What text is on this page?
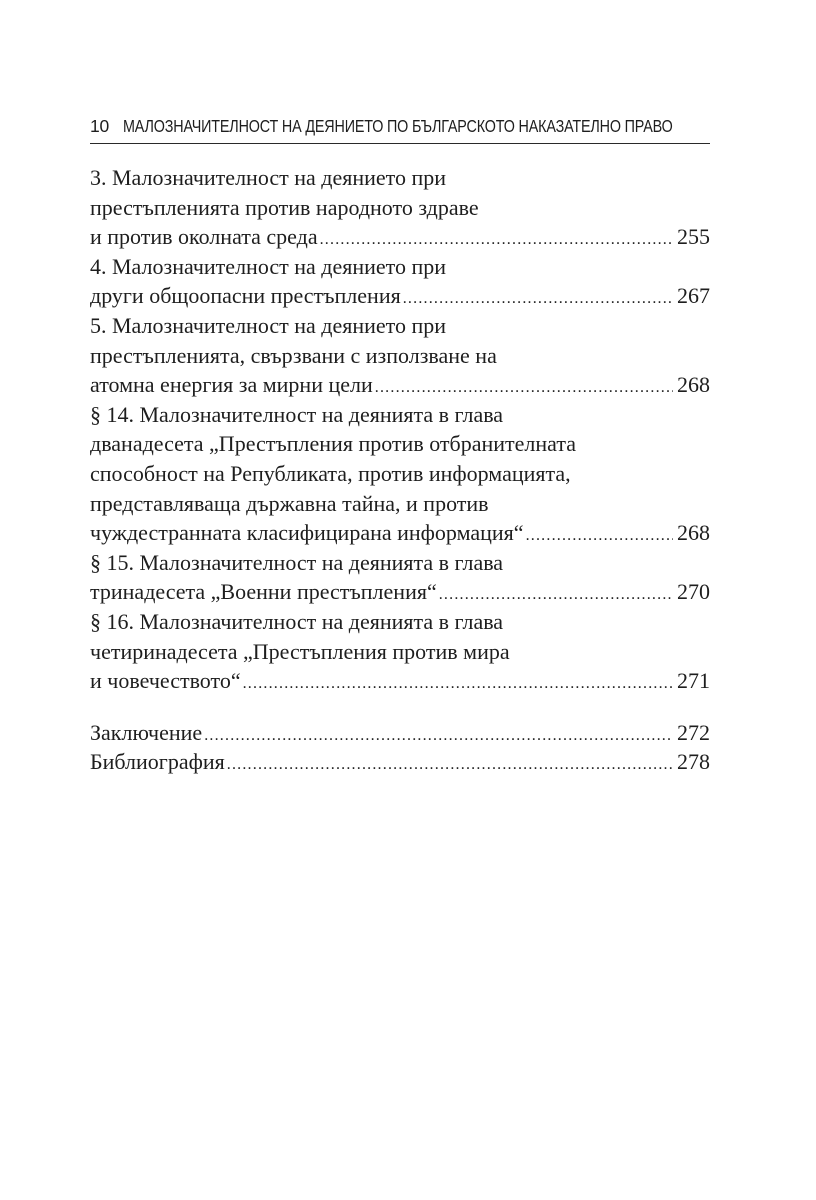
10 МАЛОЗНАЧИТЕЛНОСТ НА ДЕЯНИЕТО ПО БЪЛГАРСКОТО НАКАЗАТЕЛНО ПРАВО
3. Малозначителност на деянието при
престъпленията против народното здраве
и против околната среда .....	255
4. Малозначителност на деянието при
други общоопасни престъпления .....	267
5. Малозначителност на деянието при
престъпленията, свързвани с използване на
атомна енергия за мирни цели .....	268
§ 14. Малозначителност на деянията в глава
дванадесета „Престъпления против отбранителната
способност на Републиката, против информацията,
представляваща държавна тайна, и против
чуждестранната класифицирана информация“ .....	268
§ 15. Малозначителност на деянията в глава
тринадесета „Военни престъпления“ .....	270
§ 16. Малозначителност на деянията в глава
четиринадесета „Престъпления против мира
и човечеството“ .....	271
Заключение .....	272
Библиография .....	278
